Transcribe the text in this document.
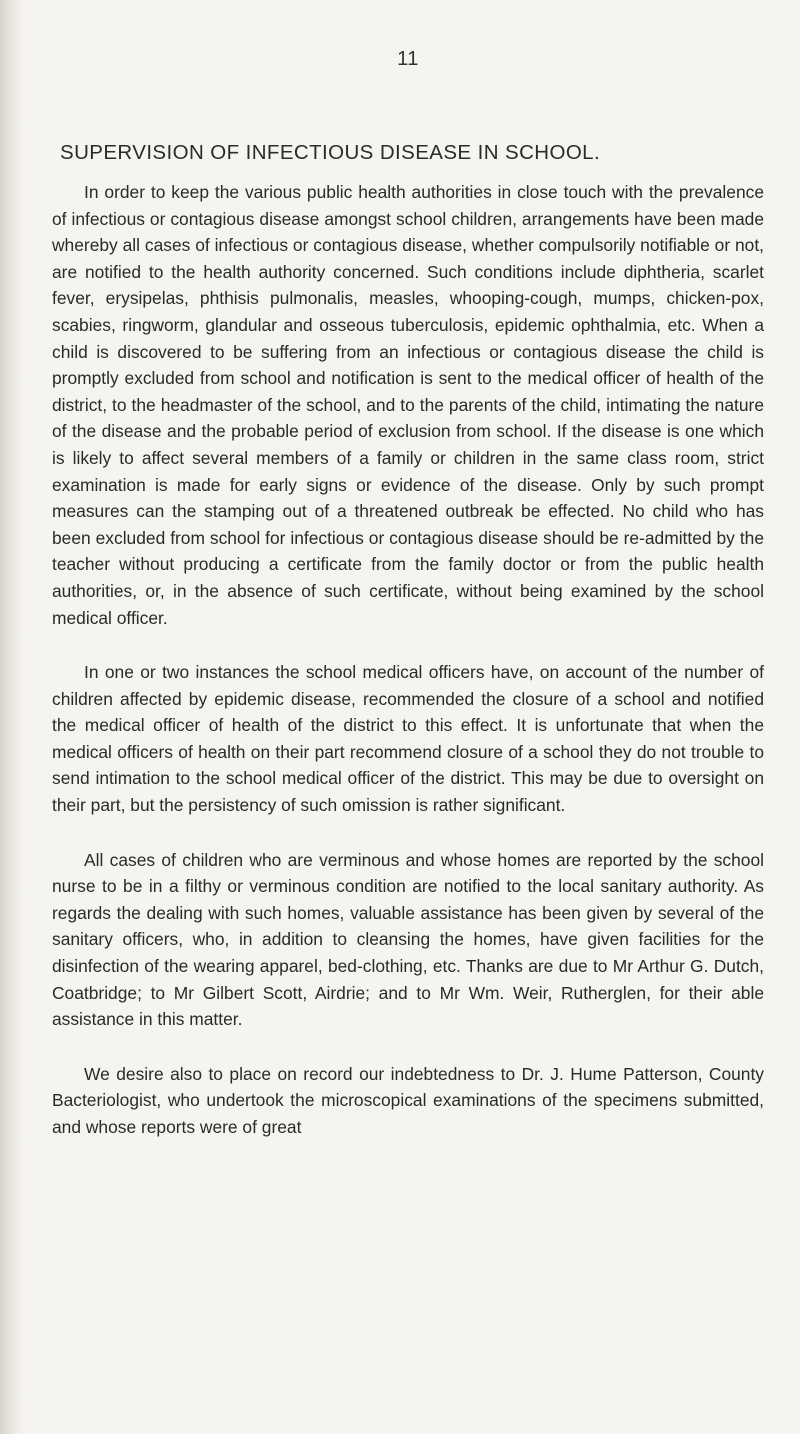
11
SUPERVISION OF INFECTIOUS DISEASE IN SCHOOL.

In order to keep the various public health authorities in close touch with the prevalence of infectious or contagious disease amongst school children, arrangements have been made whereby all cases of infectious or contagious disease, whether compulsorily notifiable or not, are notified to the health authority concerned. Such conditions include diphtheria, scarlet fever, erysipelas, phthisis pulmonalis, measles, whooping-cough, mumps, chicken-pox, scabies, ringworm, glandular and osseous tuberculosis, epidemic ophthalmia, etc. When a child is discovered to be suffering from an infectious or contagious disease the child is promptly excluded from school and notification is sent to the medical officer of health of the district, to the headmaster of the school, and to the parents of the child, intimating the nature of the disease and the probable period of exclusion from school. If the disease is one which is likely to affect several members of a family or children in the same class room, strict examination is made for early signs or evidence of the disease. Only by such prompt measures can the stamping out of a threatened outbreak be effected. No child who has been excluded from school for infectious or contagious disease should be re-admitted by the teacher without producing a certificate from the family doctor or from the public health authorities, or, in the absence of such certificate, without being examined by the school medical officer.

In one or two instances the school medical officers have, on account of the number of children affected by epidemic disease, recommended the closure of a school and notified the medical officer of health of the district to this effect. It is unfortunate that when the medical officers of health on their part recommend closure of a school they do not trouble to send intimation to the school medical officer of the district. This may be due to oversight on their part, but the persistency of such omission is rather significant.

All cases of children who are verminous and whose homes are reported by the school nurse to be in a filthy or verminous condition are notified to the local sanitary authority. As regards the dealing with such homes, valuable assistance has been given by several of the sanitary officers, who, in addition to cleansing the homes, have given facilities for the disinfection of the wearing apparel, bed-clothing, etc. Thanks are due to Mr Arthur G. Dutch, Coatbridge; to Mr Gilbert Scott, Airdrie; and to Mr Wm. Weir, Rutherglen, for their able assistance in this matter.

We desire also to place on record our indebtedness to Dr. J. Hume Patterson, County Bacteriologist, who undertook the microscopical examinations of the specimens submitted, and whose reports were of great
